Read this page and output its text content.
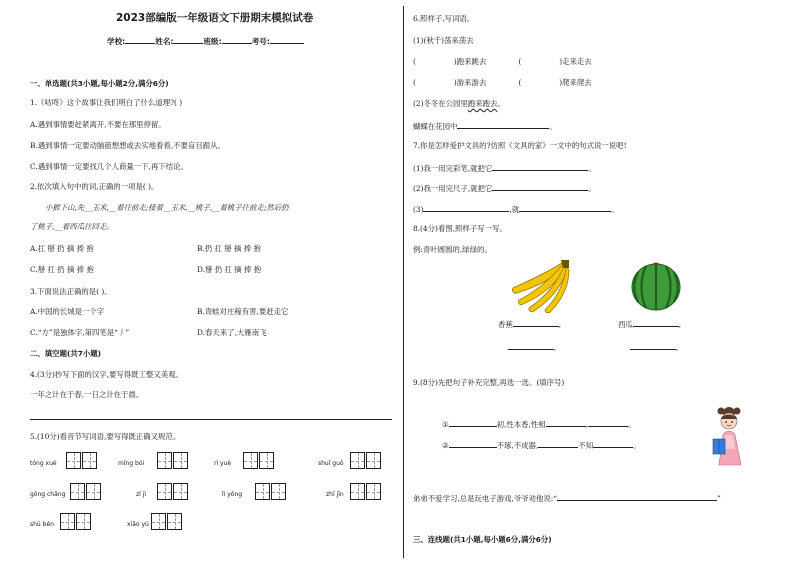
2023部编版一年级语文下册期末模拟试卷
学校:	姓名:	班级:	考号:
一、单选题(共3小题,每小题2分,满分6分)
1.《咕咚》这个故事让我们明白了什么道理?( )
A.遇到事情要赶紧离开,不要在那里停留。
B.遇到事情一定要动脑筋想想或去实地看看,不要盲目跟从。
C.遇到事情一定要找几个人商量一下,再下结论。
2.依次填入句中的词,正确的一项是( )。
小猴下山,先__玉米,__着往前走;接着__玉米,__桃子,__着桃子往前走;然后扔
了桃子,__着西瓜往回走。
A.扛 掰 扔 摘 捧 抱	B.扔 扛 掰 摘 捧 抱
C.掰 扛 扔 摘 捧 抱	D.掰 扔 扛 摘 捧 抱
3.下面说法正确的是( )。
A.中国的长城是一个字	B.青蛙对庄稼有害,要赶走它
C.“方”是独体字,第四笔是“丿”	D.春天来了,大雁南飞
二、填空题(共7小题)
4.(3分)抄写下面的汉字,要写得既工整又美观。
一年之计在于春,一日之计在于晨。
5.(10分)看音节写词语,要写得既正确又规范。
tóng xué	mǐng bói	rì yuè	shuǐ guǒ
gōng chǎng	zǐ jì	lì yǒng	zhǐ jīn
shū běn	xiǎo yú
6.照样子,写词语。
(1)(秋千)荡来荡去
(	)跑来跳去	(	)走来走去
(	)游来游去	(	)爬来爬去
(2)冬冬在公园里跑来跑去。
蝴蝶在花园中	。
7.你是怎样爱护文具的?仿照《文具的家》一文中的句式说一说吧!
(1)我一用完彩笔,就把它	。
(2)我一用完尺子,就把它	。
(3)	,就	。
8.(4分)看图,照样子写一写。
例:青叶圆圆的,绿绿的。
香蕉	,	西瓜	,
,	,
9.(8分)先把句子补充完整,再选一选。(填序号)
①	初,性本香,性相	,	。
②	不琢,不成器,	不知	。
弟弟不爱学习,总是玩电子游戏,爷爷劝他说:“	”
三、连线题(共1小题,每小题6分,满分6分)
